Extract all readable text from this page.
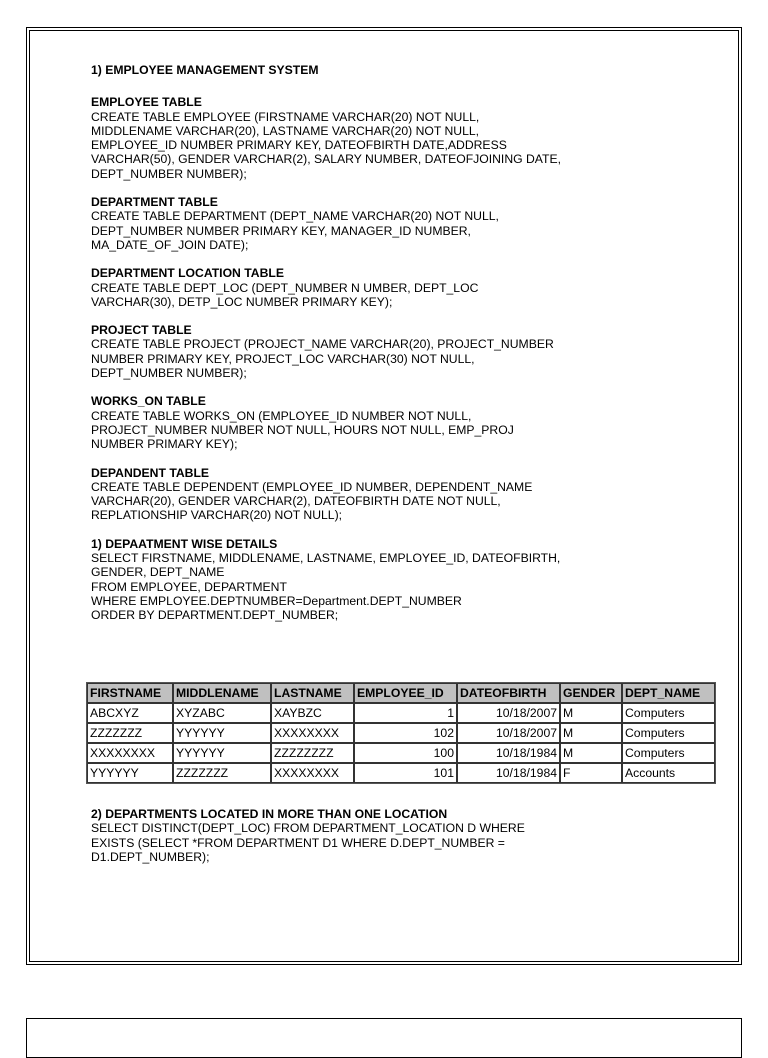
1) EMPLOYEE MANAGEMENT SYSTEM
EMPLOYEE TABLE
CREATE TABLE EMPLOYEE (FIRSTNAME VARCHAR(20) NOT NULL,
MIDDLENAME VARCHAR(20), LASTNAME VARCHAR(20) NOT NULL,
EMPLOYEE_ID NUMBER PRIMARY KEY, DATEOFBIRTH DATE,ADDRESS
VARCHAR(50), GENDER VARCHAR(2), SALARY NUMBER, DATEOFJOINING DATE,
DEPT_NUMBER NUMBER);
DEPARTMENT TABLE
CREATE TABLE DEPARTMENT (DEPT_NAME VARCHAR(20) NOT NULL,
DEPT_NUMBER NUMBER PRIMARY KEY, MANAGER_ID NUMBER,
MA_DATE_OF_JOIN DATE);
DEPARTMENT LOCATION TABLE
CREATE TABLE DEPT_LOC (DEPT_NUMBER N UMBER, DEPT_LOC
VARCHAR(30), DETP_LOC NUMBER PRIMARY KEY);
PROJECT TABLE
CREATE TABLE PROJECT (PROJECT_NAME VARCHAR(20), PROJECT_NUMBER
NUMBER PRIMARY KEY, PROJECT_LOC VARCHAR(30) NOT NULL,
DEPT_NUMBER NUMBER);
WORKS_ON TABLE
CREATE TABLE WORKS_ON (EMPLOYEE_ID NUMBER NOT NULL,
PROJECT_NUMBER NUMBER NOT NULL, HOURS NOT NULL, EMP_PROJ
NUMBER PRIMARY KEY);
DEPANDENT TABLE
CREATE TABLE DEPENDENT (EMPLOYEE_ID NUMBER, DEPENDENT_NAME
VARCHAR(20), GENDER VARCHAR(2), DATEOFBIRTH DATE NOT NULL,
REPLATIONSHIP VARCHAR(20) NOT NULL);
1) DEPAATMENT WISE DETAILS
SELECT FIRSTNAME, MIDDLENAME, LASTNAME, EMPLOYEE_ID, DATEOFBIRTH,
GENDER, DEPT_NAME
FROM EMPLOYEE, DEPARTMENT
WHERE EMPLOYEE.DEPTNUMBER=Department.DEPT_NUMBER
ORDER BY DEPARTMENT.DEPT_NUMBER;
FIRSTNAME	MIDDLENAME	LASTNAME	EMPLOYEE_ID	DATEOFBIRTH	GENDER	DEPT_NAME
ABCXYZ	XYZABC	XAYBZC	1	10/18/2007	M	Computers
ZZZZZZZ	YYYYYY	XXXXXXXX	102	10/18/2007	M	Computers
XXXXXXXX	YYYYYY	ZZZZZZZZ	100	10/18/1984	M	Computers
YYYYYY	ZZZZZZZ	XXXXXXXX	101	10/18/1984	F	Accounts
2) DEPARTMENTS LOCATED IN MORE THAN ONE LOCATION
SELECT DISTINCT(DEPT_LOC) FROM DEPARTMENT_LOCATION D WHERE
EXISTS (SELECT *FROM DEPARTMENT D1 WHERE D.DEPT_NUMBER =
D1.DEPT_NUMBER);
